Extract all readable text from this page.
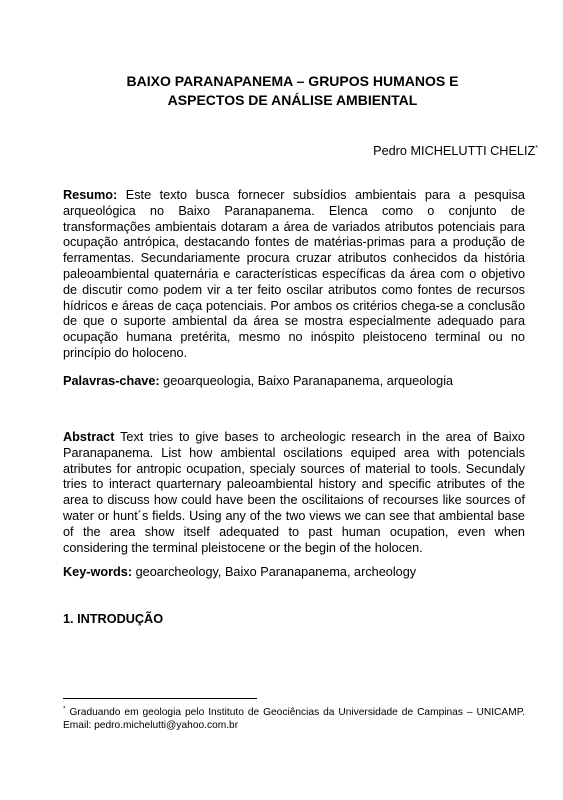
BAIXO PARANAPANEMA – GRUPOS HUMANOS E
ASPECTOS DE ANÁLISE AMBIENTAL
Pedro MICHELUTTI CHELIZ*

Resumo: Este texto busca fornecer subsídios ambientais para a pesquisa arqueológica no Baixo Paranapanema. Elenca como o conjunto de transformações ambientais dotaram a área de variados atributos potenciais para ocupação antrópica, destacando fontes de matérias-primas para a produção de ferramentas. Secundariamente procura cruzar atributos conhecidos da história paleoambiental quaternária e características específicas da área com o objetivo de discutir como podem vir a ter feito oscilar atributos como fontes de recursos hídricos e áreas de caça potenciais. Por ambos os critérios chega-se a conclusão de que o suporte ambiental da área se mostra especialmente adequado para ocupação humana pretérita, mesmo no inóspito pleistoceno terminal ou no princípio do holoceno.

Palavras-chave: geoarqueologia, Baixo Paranapanema, arqueologia

Abstract Text tries to give bases to archeologic research in the area of Baixo Paranapanema. List how ambiental oscilations equiped area with potencials atributes for antropic ocupation, specialy sources of material to tools. Secundaly tries to interact quarternary paleoambiental history and specific atributes of the area to discuss how could have been the oscilitaions of recourses like sources of water or hunt´s fields. Using any of the two views we can see that ambiental base of the area show itself adequated to past human ocupation, even when considering the terminal pleistocene or the begin of the holocen.

Key-words: geoarcheology, Baixo Paranapanema, archeology
1. INTRODUÇÃO
* Graduando em geologia pelo Instituto de Geociências da Universidade de Campinas – UNICAMP. Email: pedro.michelutti@yahoo.com.br
